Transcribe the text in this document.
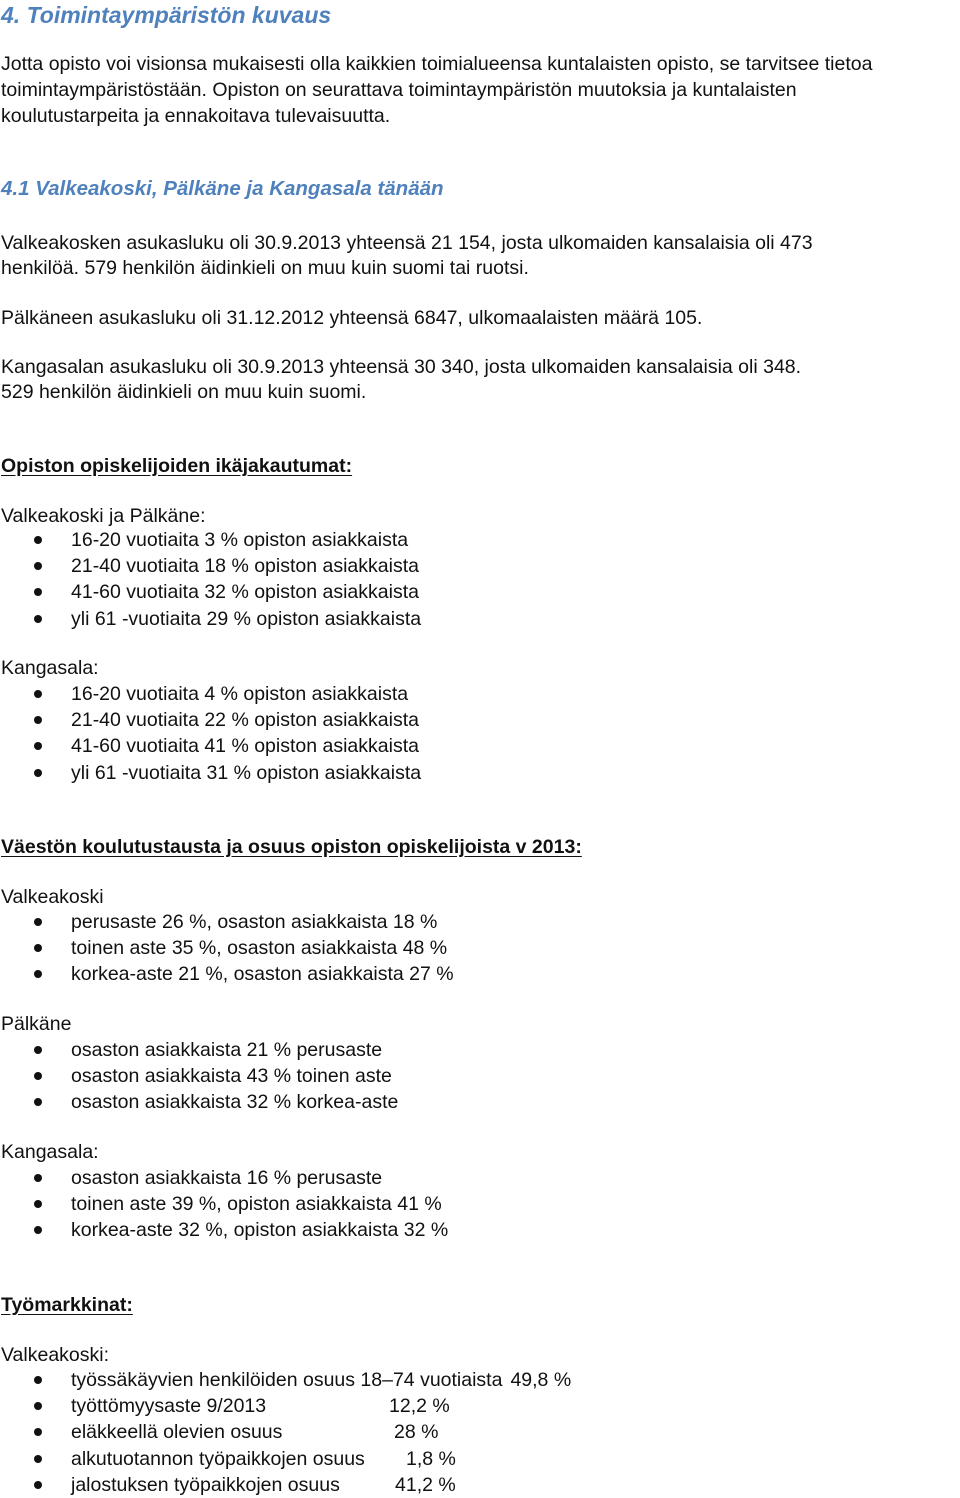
4. Toimintaympäristön kuvaus
Jotta opisto voi visionsa mukaisesti olla kaikkien toimialueensa kuntalaisten opisto, se tarvitsee tietoa
toimintaympäristöstään. Opiston on seurattava toimintaympäristön muutoksia ja kuntalaisten
koulutustarpeita ja ennakoitava tulevaisuutta.
4.1 Valkeakoski, Pälkäne ja Kangasala tänään
Valkeakosken asukasluku oli 30.9.2013 yhteensä 21 154, josta ulkomaiden kansalaisia oli 473
henkilöä. 579 henkilön äidinkieli on muu kuin suomi tai ruotsi.
Pälkäneen asukasluku oli 31.12.2012 yhteensä 6847, ulkomaalaisten määrä 105.
Kangasalan asukasluku oli 30.9.2013 yhteensä 30 340, josta ulkomaiden kansalaisia oli 348.
529 henkilön äidinkieli on muu kuin suomi.
Opiston opiskelijoiden ikäjakautumat:
Valkeakoski ja Pälkäne:
16-20 vuotiaita 3 % opiston asiakkaista
21-40 vuotiaita 18 % opiston asiakkaista
41-60 vuotiaita 32 % opiston asiakkaista
yli 61 -vuotiaita 29 % opiston asiakkaista
Kangasala:
16-20 vuotiaita 4 % opiston asiakkaista
21-40 vuotiaita 22 % opiston asiakkaista
41-60 vuotiaita 41 % opiston asiakkaista
yli 61 -vuotiaita 31 % opiston asiakkaista
Väestön koulutustausta ja osuus opiston opiskelijoista v 2013:
Valkeakoski
perusaste 26 %, osaston asiakkaista 18 %
toinen aste 35 %, osaston asiakkaista 48 %
korkea-aste 21 %, osaston asiakkaista 27 %
Pälkäne
osaston asiakkaista 21 % perusaste
osaston asiakkaista 43 % toinen aste
osaston asiakkaista 32 % korkea-aste
Kangasala:
osaston asiakkaista 16 % perusaste
toinen aste 39 %, opiston asiakkaista 41 %
korkea-aste 32 %, opiston asiakkaista 32 %
Työmarkkinat:
Valkeakoski:
työssäkäyvien henkilöiden osuus 18–74 vuotiaista 49,8 %
työttömyysaste 9/2013	12,2 %
eläkkeellä olevien osuus	28 %
alkutuotannon työpaikkojen osuus 1,8 %
jalostuksen työpaikkojen osuus	41,2 %
